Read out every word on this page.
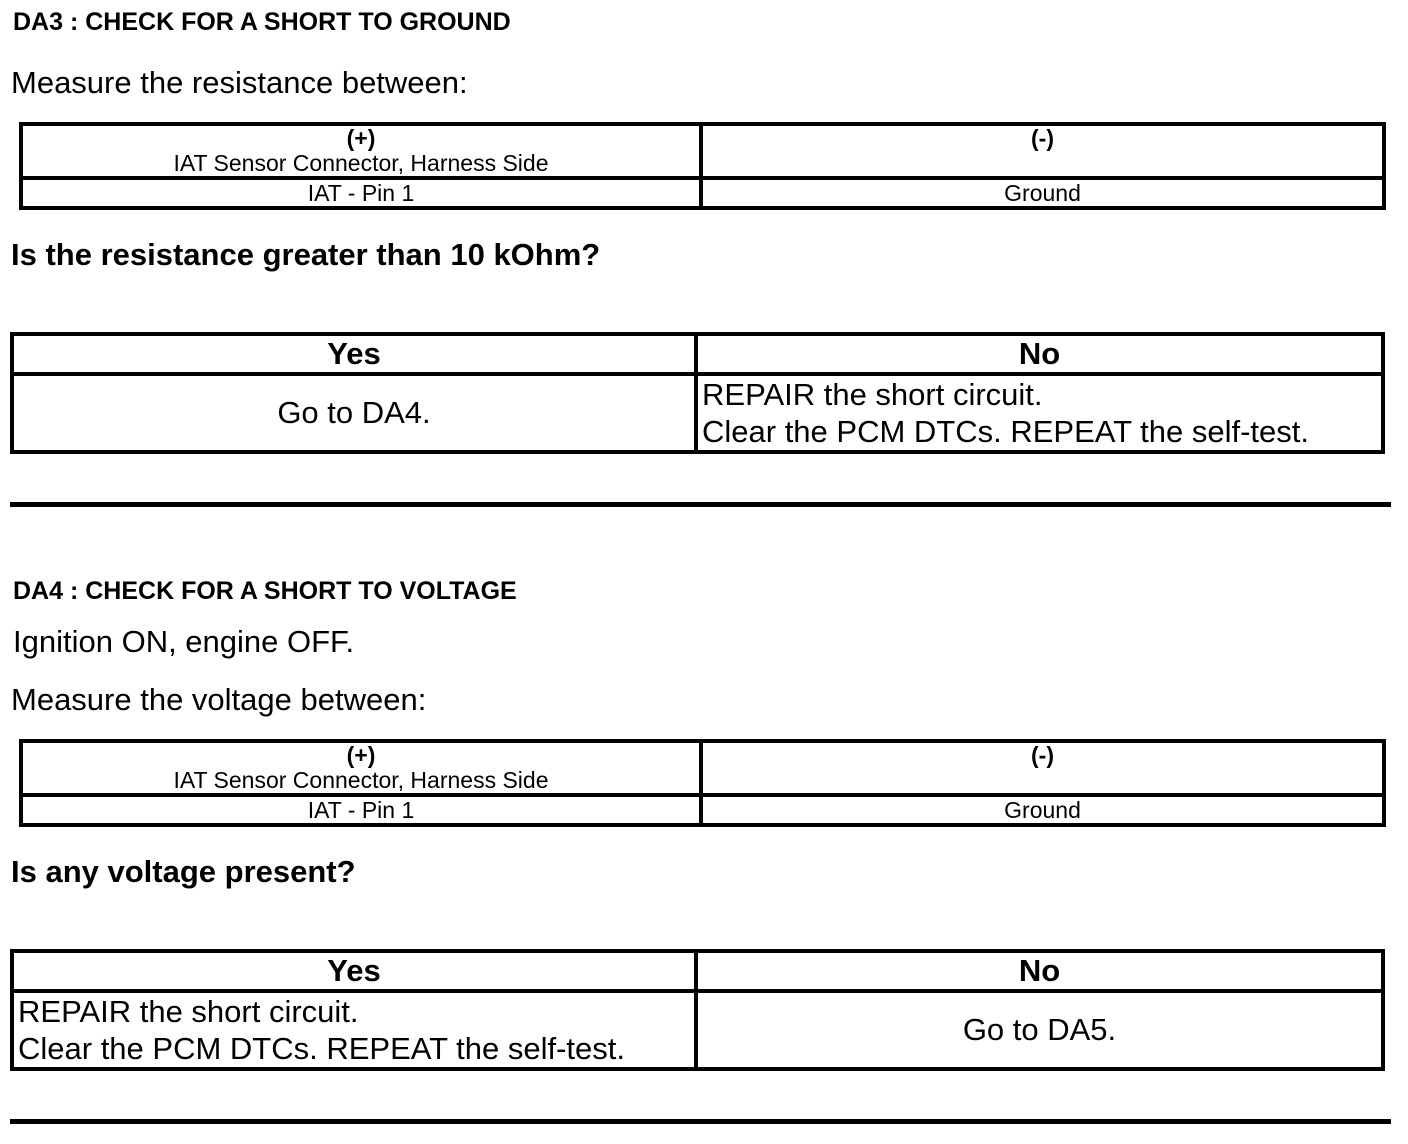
DA3 : CHECK FOR A SHORT TO GROUND
Measure the resistance between:
(+)
IAT Sensor Connector, Harness Side	(-)

IAT - Pin 1	Ground
Is the resistance greater than 10 kOhm?
Yes	No
Go to DA4.	REPAIR the short circuit.
Clear the PCM DTCs. REPEAT the self-test.
DA4 : CHECK FOR A SHORT TO VOLTAGE
Ignition ON, engine OFF.
Measure the voltage between:
(+)
IAT Sensor Connector, Harness Side	(-)

IAT - Pin 1	Ground
Is any voltage present?
Yes	No

REPAIR the short circuit.
Clear the PCM DTCs. REPEAT the self-test.	Go to DA5.
